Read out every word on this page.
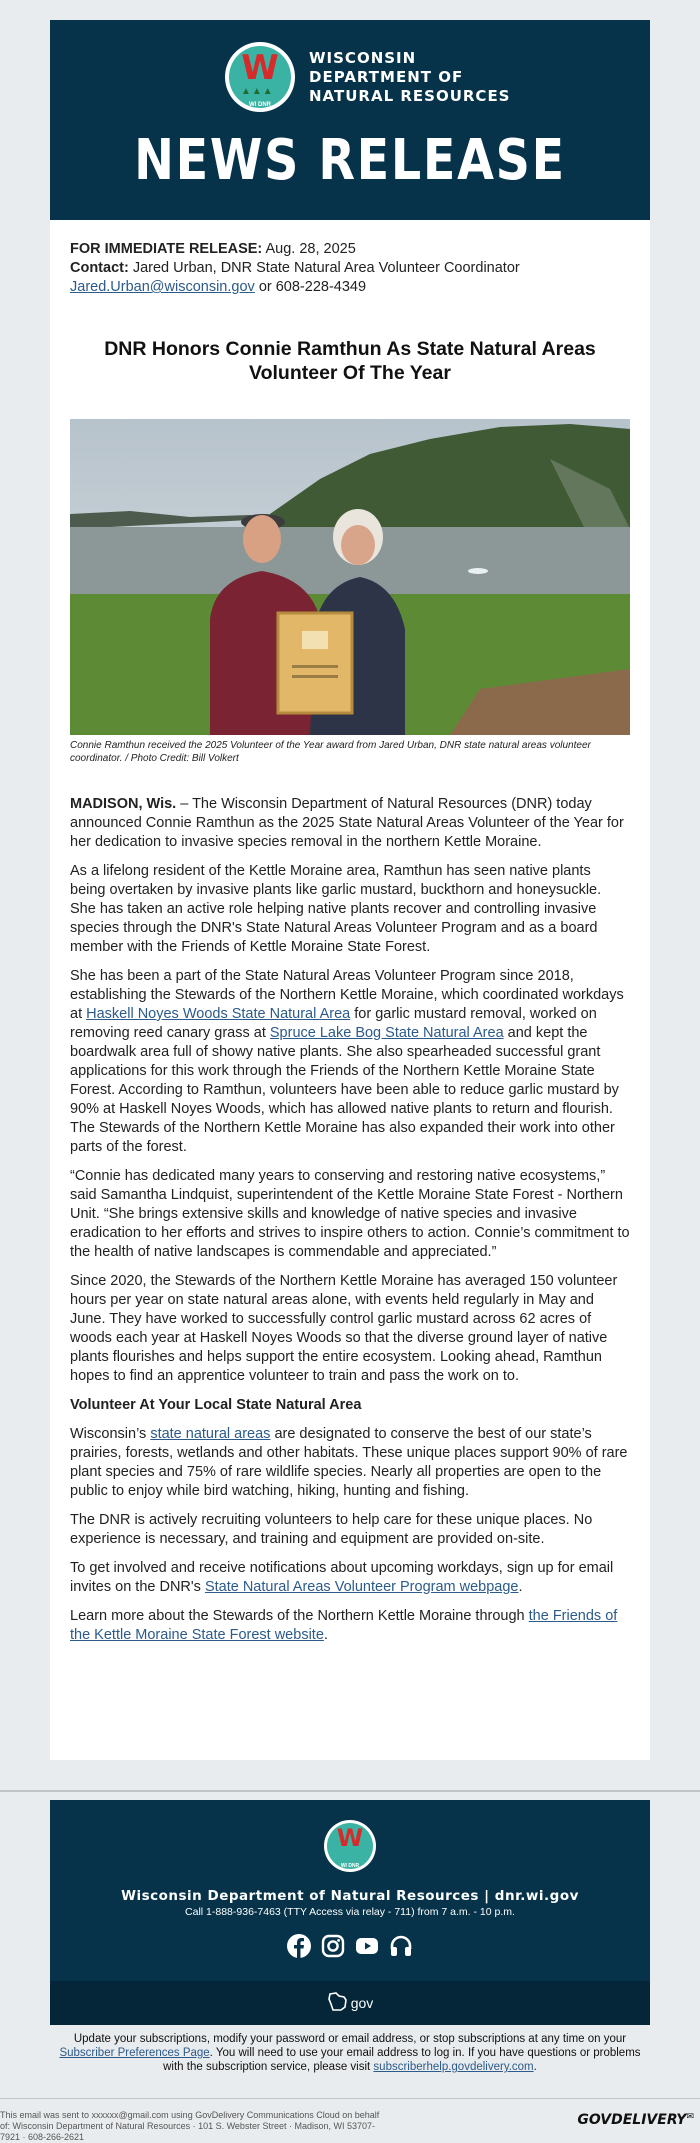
W
▲▲▲
WI DNR
WISCONSIN
DEPARTMENT OF
NATURAL RESOURCES
NEWS RELEASE
FOR IMMEDIATE RELEASE: Aug. 28, 2025
Contact: Jared Urban, DNR State Natural Area Volunteer Coordinator
Jared.Urban@wisconsin.gov or 608-228-4349
DNR Honors Connie Ramthun As State Natural Areas Volunteer Of The Year
Connie Ramthun received the 2025 Volunteer of the Year award from Jared Urban, DNR state natural areas volunteer coordinator. / Photo Credit: Bill Volkert

MADISON, Wis. – The Wisconsin Department of Natural Resources (DNR) today announced Connie Ramthun as the 2025 State Natural Areas Volunteer of the Year for her dedication to invasive species removal in the northern Kettle Moraine.

As a lifelong resident of the Kettle Moraine area, Ramthun has seen native plants being overtaken by invasive plants like garlic mustard, buckthorn and honeysuckle. She has taken an active role helping native plants recover and controlling invasive species through the DNR's State Natural Areas Volunteer Program and as a board member with the Friends of Kettle Moraine State Forest.

She has been a part of the State Natural Areas Volunteer Program since 2018, establishing the Stewards of the Northern Kettle Moraine, which coordinated workdays at Haskell Noyes Woods State Natural Area for garlic mustard removal, worked on removing reed canary grass at Spruce Lake Bog State Natural Area and kept the boardwalk area full of showy native plants. She also spearheaded successful grant applications for this work through the Friends of the Northern Kettle Moraine State Forest. According to Ramthun, volunteers have been able to reduce garlic mustard by 90% at Haskell Noyes Woods, which has allowed native plants to return and flourish. The Stewards of the Northern Kettle Moraine has also expanded their work into other parts of the forest.

“Connie has dedicated many years to conserving and restoring native ecosystems,” said Samantha Lindquist, superintendent of the Kettle Moraine State Forest - Northern Unit. “She brings extensive skills and knowledge of native species and invasive eradication to her efforts and strives to inspire others to action. Connie’s commitment to the health of native landscapes is commendable and appreciated.”

Since 2020, the Stewards of the Northern Kettle Moraine has averaged 150 volunteer hours per year on state natural areas alone, with events held regularly in May and June. They have worked to successfully control garlic mustard across 62 acres of woods each year at Haskell Noyes Woods so that the diverse ground layer of native plants flourishes and helps support the entire ecosystem. Looking ahead, Ramthun hopes to find an apprentice volunteer to train and pass the work on to.

Volunteer At Your Local State Natural Area

Wisconsin’s state natural areas are designated to conserve the best of our state’s prairies, forests, wetlands and other habitats. These unique places support 90% of rare plant species and 75% of rare wildlife species. Nearly all properties are open to the public to enjoy while bird watching, hiking, hunting and fishing.

The DNR is actively recruiting volunteers to help care for these unique places. No experience is necessary, and training and equipment are provided on-site.

To get involved and receive notifications about upcoming workdays, sign up for email invites on the DNR's State Natural Areas Volunteer Program webpage.

Learn more about the Stewards of the Northern Kettle Moraine through the Friends of the Kettle Moraine State Forest website.

W
WI DNR
Wisconsin Department of Natural Resources | dnr.wi.gov
Call 1-888-936-7463 (TTY Access via relay - 711) from 7 a.m. - 10 p.m.
gov
Update your subscriptions, modify your password or email address, or stop subscriptions at any time on your Subscriber Preferences Page. You will need to use your email address to log in. If you have questions or problems with the subscription service, please visit subscriberhelp.govdelivery.com.
This email was sent to xxxxxx@gmail.com using GovDelivery Communications Cloud on behalf of: Wisconsin Department of Natural Resources · 101 S. Webster Street · Madison, WI 53707-7921 · 608-266-2621
GOVDELIVERY✉
